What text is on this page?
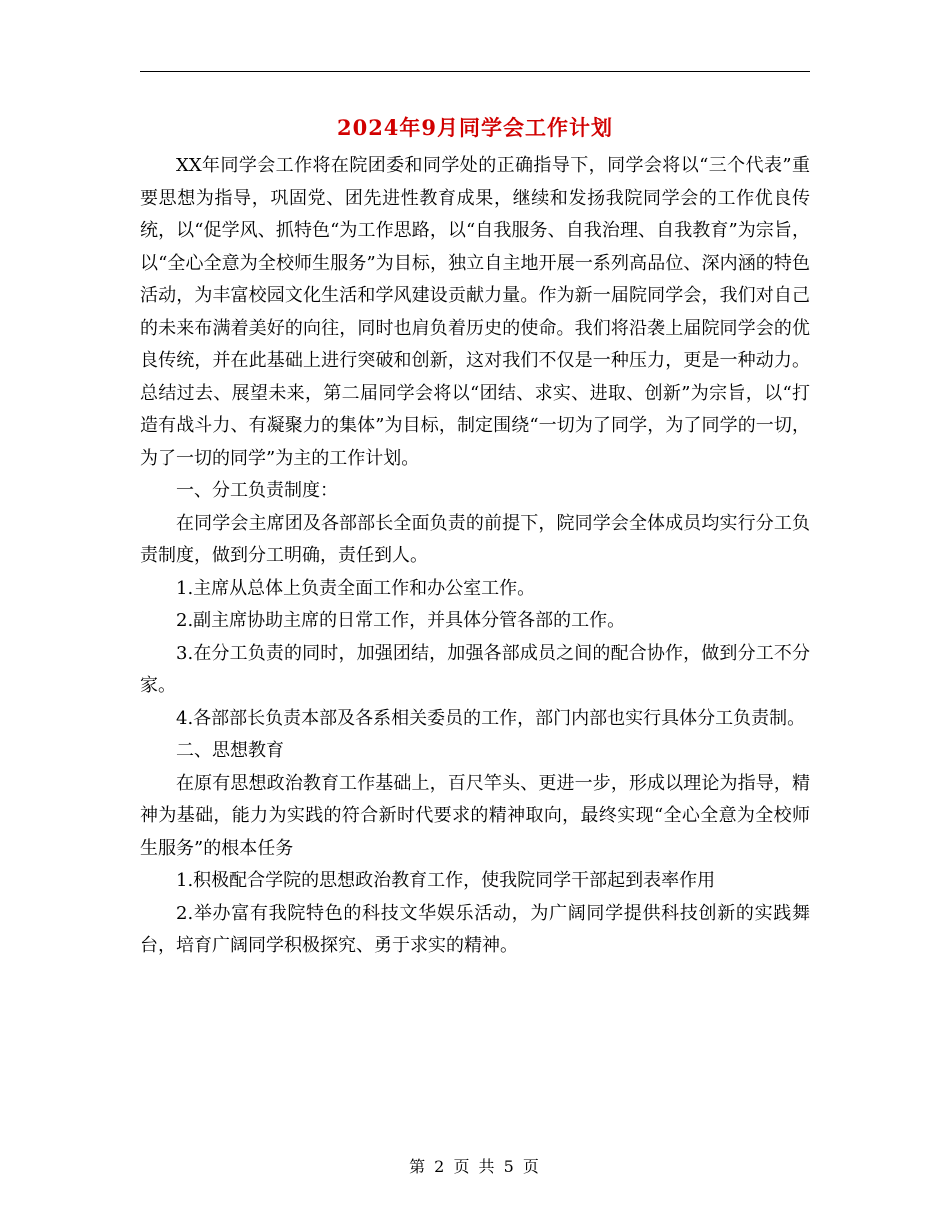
2024年9月同学会工作计划

XX年同学会工作将在院团委和同学处的正确指导下，同学会将以“三个代表”重要思想为指导，巩固党、团先进性教育成果，继续和发扬我院同学会的工作优良传统，以“促学风、抓特色“为工作思路，以“自我服务、自我治理、自我教育”为宗旨，以“全心全意为全校师生服务”为目标，独立自主地开展一系列高品位、深内涵的特色活动，为丰富校园文化生活和学风建设贡献力量。作为新一届院同学会，我们对自己的未来布满着美好的向往，同时也肩负着历史的使命。我们将沿袭上届院同学会的优良传统，并在此基础上进行突破和创新，这对我们不仅是一种压力，更是一种动力。总结过去、展望未来，第二届同学会将以“团结、求实、进取、创新”为宗旨，以“打造有战斗力、有凝聚力的集体”为目标，制定围绕“一切为了同学，为了同学的一切，为了一切的同学”为主的工作计划。

一、分工负责制度：

在同学会主席团及各部部长全面负责的前提下，院同学会全体成员均实行分工负责制度，做到分工明确，责任到人。

1.主席从总体上负责全面工作和办公室工作。

2.副主席协助主席的日常工作，并具体分管各部的工作。

3.在分工负责的同时，加强团结，加强各部成员之间的配合协作，做到分工不分家。

4.各部部长负责本部及各系相关委员的工作，部门内部也实行具体分工负责制。

二、思想教育

在原有思想政治教育工作基础上，百尺竿头、更进一步，形成以理论为指导，精神为基础，能力为实践的符合新时代要求的精神取向，最终实现“全心全意为全校师生服务”的根本任务

1.积极配合学院的思想政治教育工作，使我院同学干部起到表率作用

2.举办富有我院特色的科技文华娱乐活动，为广阔同学提供科技创新的实践舞台，培育广阔同学积极探究、勇于求实的精神。

第 2 页 共 5 页
